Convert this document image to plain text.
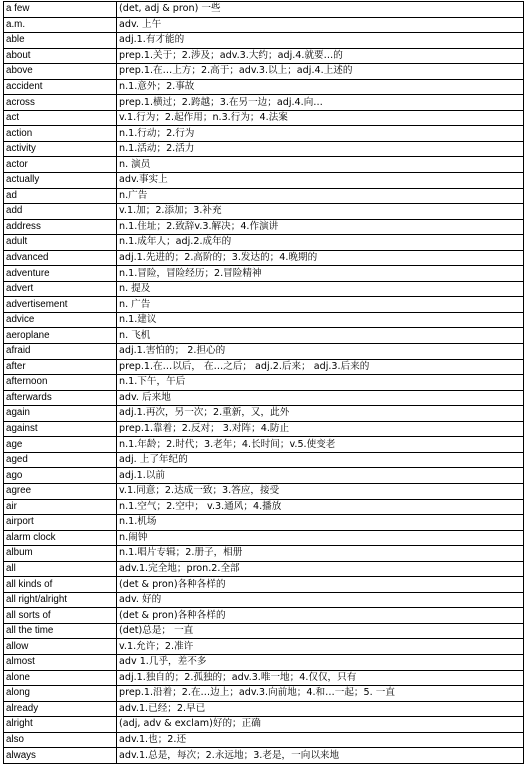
a few	(det, adj & pron) 一些
a.m.	adv. 上午
able	adj.1.有才能的
about	prep.1.关于；2.涉及；adv.3.大约；adj.4.就要…的
above	prep.1.在…上方；2.高于；adv.3.以上；adj.4.上述的
accident	n.1.意外；2.事故
across	prep.1.横过；2.跨越；3.在另一边；adj.4.向…
act	v.1.行为；2.起作用；n.3.行为；4.法案
action	n.1.行动；2.行为
activity	n.1.活动；2.活力
actor	n. 演员
actually	adv.事实上
ad	n.广告
add	v.1.加；2.添加；3.补充
address	n.1.住址；2.致辞v.3.解决；4.作演讲
adult	n.1.成年人；adj.2.成年的
advanced	adj.1.先进的；2.高阶的；3.发达的；4.晚期的
adventure	n.1.冒险，冒险经历；2.冒险精神
advert	n. 提及
advertisement	n. 广告
advice	n.1.建议
aeroplane	n. 飞机
afraid	adj.1.害怕的； 2.担心的
after	prep.1.在…以后， 在…之后； adj.2.后来； adj.3.后来的
afternoon	n.1.下午，午后
afterwards	adv. 后来地
again	adj.1.再次，另一次；2.重新，又，此外
against	prep.1.靠着；2.反对； 3.对阵；4.防止
age	n.1.年龄；2.时代；3.老年；4.长时间；v.5.使变老
aged	adj. 上了年纪的
ago	adj.1.以前
agree	v.1.同意；2.达成一致；3.答应，接受
air	n.1.空气；2.空中； v.3.通风；4.播放
airport	n.1.机场
alarm clock	n.闹钟
album	n.1.唱片专辑；2.册子，相册
all	adv.1.完全地；pron.2.全部
all kinds of	(det & pron)各种各样的
all right/alright	adv. 好的
all sorts of	(det & pron)各种各样的
all the time	(det)总是； 一直
allow	v.1.允许；2.准许
almost	adv 1.几乎，差不多
alone	adj.1.独自的；2.孤独的；adv.3.唯一地；4.仅仅，只有
along	prep.1.沿着；2.在…边上；adv.3.向前地；4.和…一起；5. 一直
already	adv.1.已经；2.早已
alright	(adj, adv & exclam)好的；正确
also	adv.1.也；2.还
always	adv.1.总是，每次；2.永远地；3.老是，一向以来地
